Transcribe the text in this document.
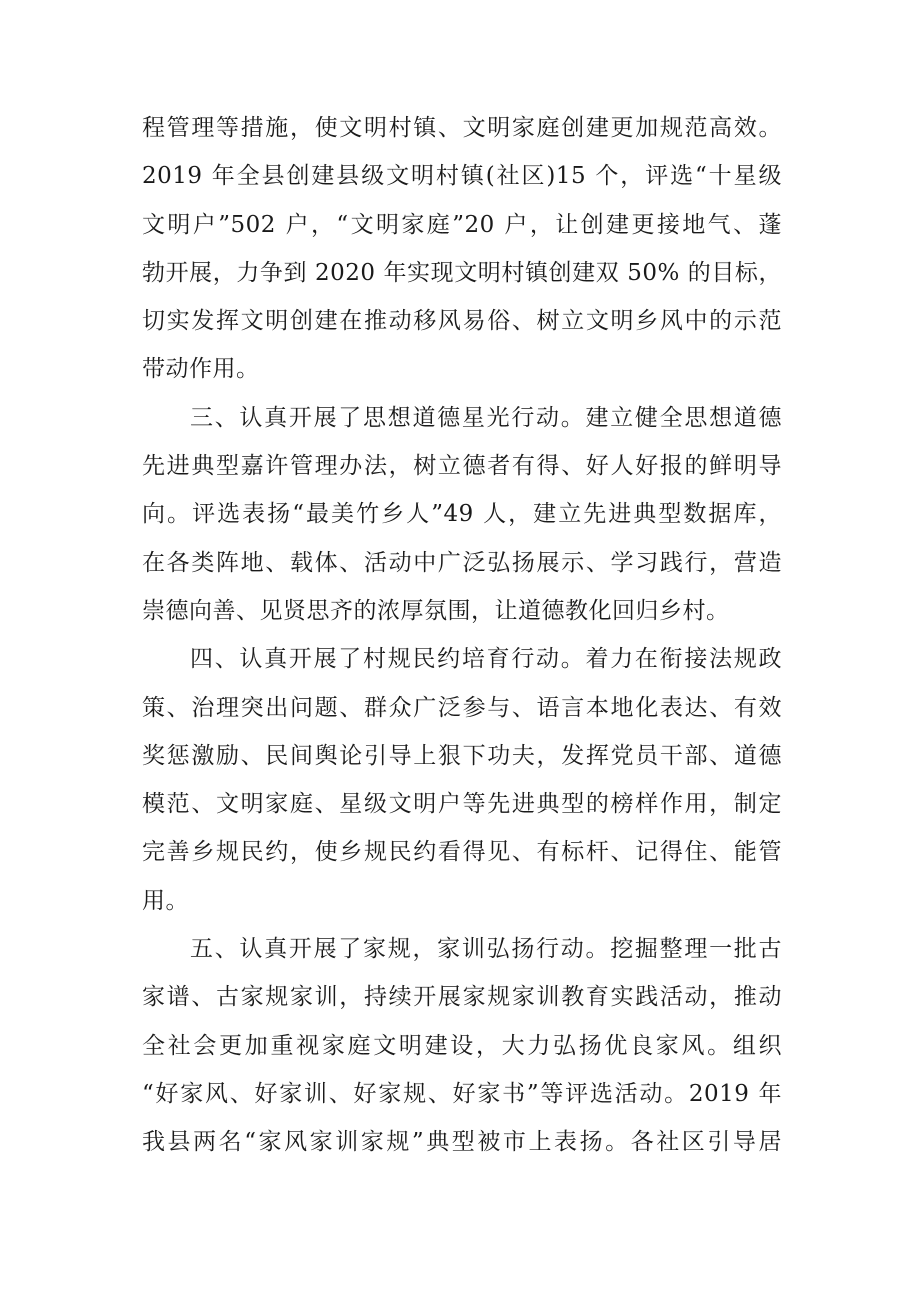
程管理等措施，使文明村镇、文明家庭创建更加规范高效。
2019 年全县创建县级文明村镇(社区)15 个，评选“十星级
文明户”502 户，“文明家庭”20 户，让创建更接地气、蓬
勃开展，力争到 2020 年实现文明村镇创建双 50% 的目标，
切实发挥文明创建在推动移风易俗、树立文明乡风中的示范
带动作用。
三、认真开展了思想道德星光行动。建立健全思想道德
先进典型嘉许管理办法，树立德者有得、好人好报的鲜明导
向。评选表扬“最美竹乡人”49 人，建立先进典型数据库，
在各类阵地、载体、活动中广泛弘扬展示、学习践行，营造
崇德向善、见贤思齐的浓厚氛围，让道德教化回归乡村。
四、认真开展了村规民约培育行动。着力在衔接法规政
策、治理突出问题、群众广泛参与、语言本地化表达、有效
奖惩激励、民间舆论引导上狠下功夫，发挥党员干部、道德
模范、文明家庭、星级文明户等先进典型的榜样作用，制定
完善乡规民约，使乡规民约看得见、有标杆、记得住、能管
用。
五、认真开展了家规，家训弘扬行动。挖掘整理一批古
家谱、古家规家训，持续开展家规家训教育实践活动，推动
全社会更加重视家庭文明建设，大力弘扬优良家风。组织
“好家风、好家训、好家规、好家书”等评选活动。2019 年
我县两名“家风家训家规”典型被市上表扬。各社区引导居
